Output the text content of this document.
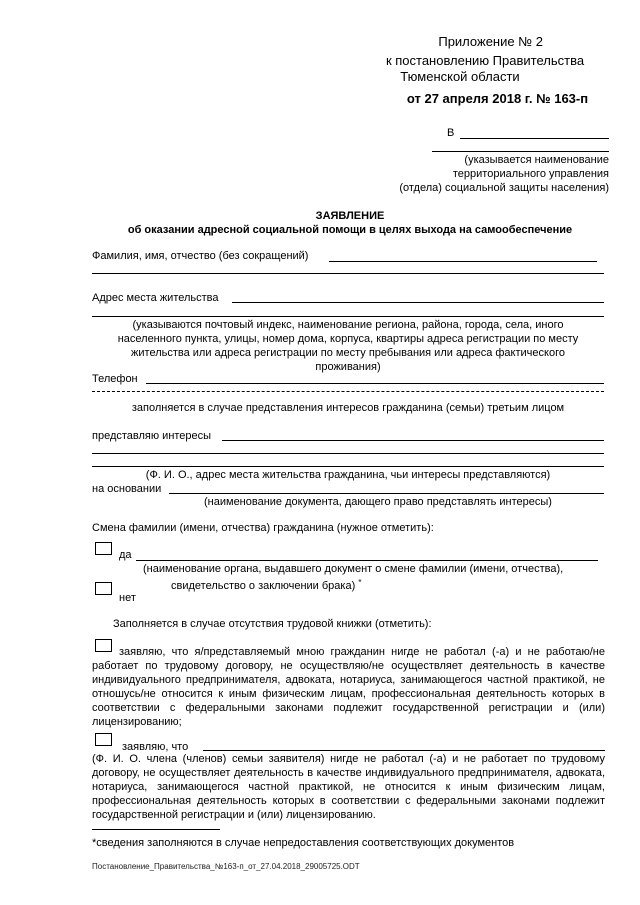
Приложение № 2
к постановлению Правительства
Тюменской области
от 27 апреля 2018 г. № 163-п
В
(указывается наименование
территориального управления
(отдела) социальной защиты населения)
ЗАЯВЛЕНИЕ
об оказании адресной социальной помощи в целях выхода на самообеспечение
Фамилия, имя, отчество (без сокращений)
Адрес места жительства
(указываются почтовый индекс, наименование региона, района, города, села, иного
населенного пункта, улицы, номер дома, корпуса, квартиры адреса регистрации по месту
жительства или адреса регистрации по месту пребывания или адреса фактического
проживания)
Телефон
заполняется в случае представления интересов гражданина (семьи) третьим лицом
представляю интересы
(Ф. И. О., адрес места жительства гражданина, чьи интересы представляются)
на основании
(наименование документа, дающего право представлять интересы)
Смена фамилии (имени, отчества) гражданина (нужное отметить):
да
(наименование органа, выдавшего документ о смене фамилии (имени, отчества),
свидетельство о заключении брака) *
нет
Заполняется в случае отсутствия трудовой книжки (отметить):
заявляю, что я/представляемый мною гражданин нигде не работал (-а) и не работаю/не
работает по трудовому договору, не осуществляю/не осуществляет деятельность в качестве индивидуального предпринимателя, адвоката, нотариуса, занимающегося частной практикой, не отношусь/не относится к иным физическим лицам, профессиональная деятельность которых в соответствии с федеральными законами подлежит государственной регистрации и (или) лицензированию;
заявляю, что
(Ф. И. О. члена (членов) семьи заявителя) нигде не работал (-а) и не работает по трудовому договору, не осуществляет деятельность в качестве индивидуального предпринимателя, адвоката, нотариуса, занимающегося частной практикой, не относится к иным физическим лицам, профессиональная деятельность которых в соответствии с федеральными законами подлежит государственной регистрации и (или) лицензированию.
*сведения заполняются в случае непредоставления соответствующих документов
Постановление_Правительства_№163-п_от_27.04.2018_29005725.ODT
